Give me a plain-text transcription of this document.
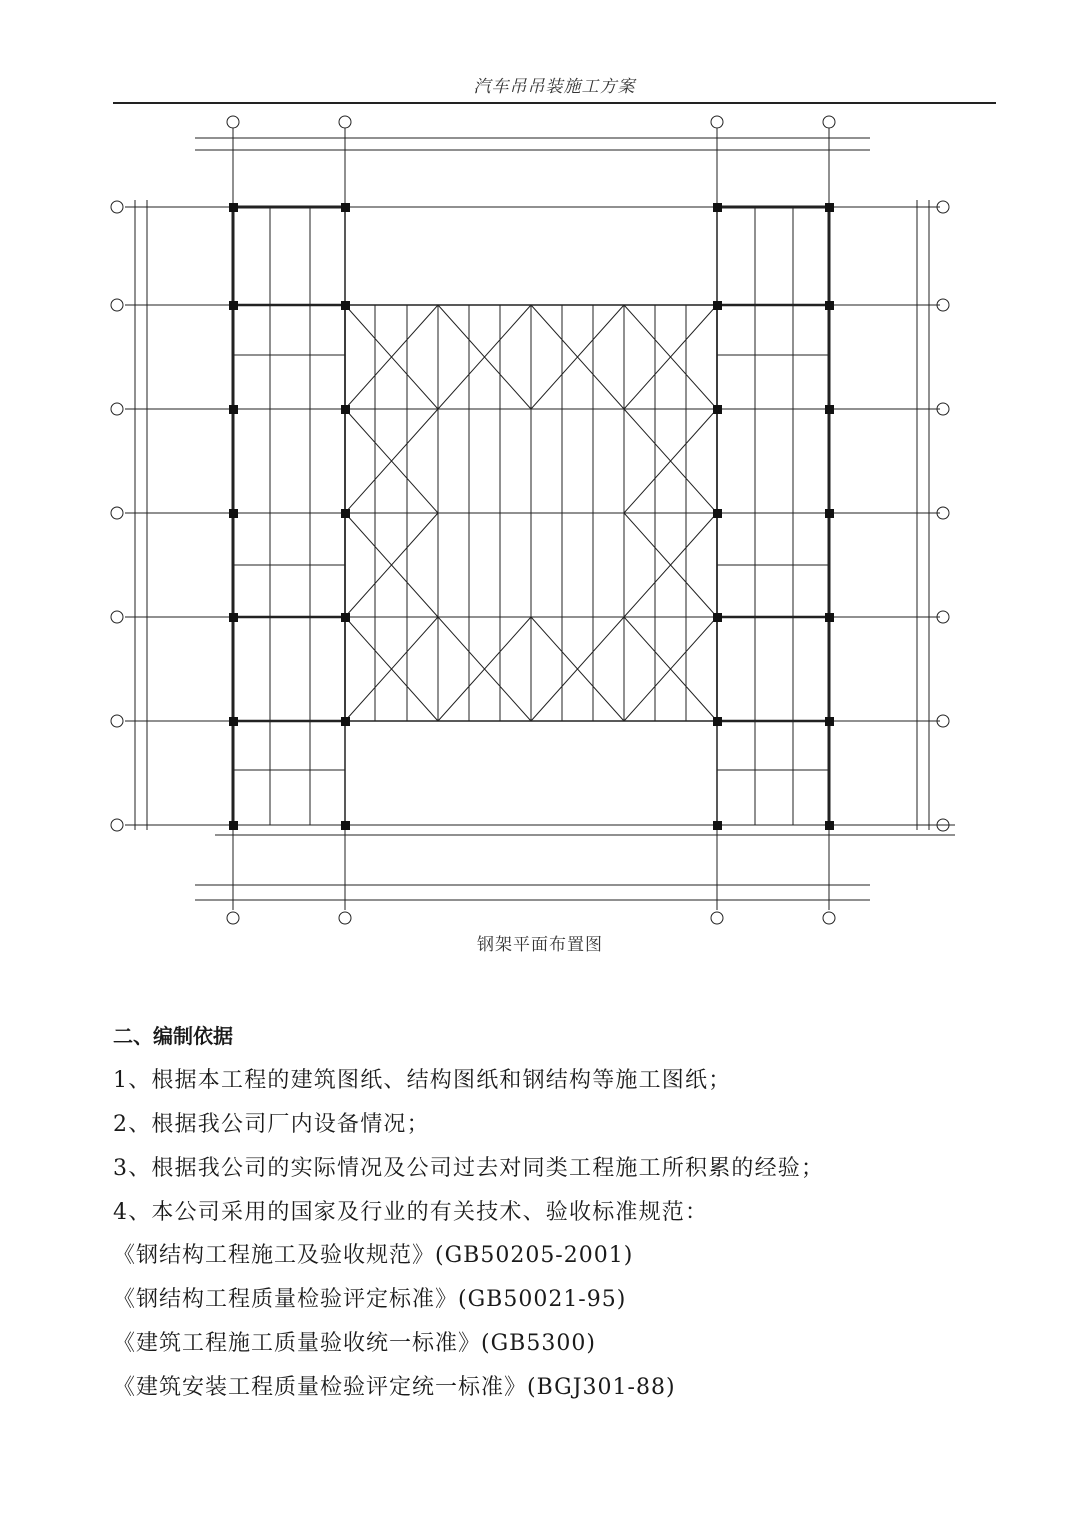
汽车吊吊装施工方案
钢架平面布置图
二、编制依据
1、根据本工程的建筑图纸、结构图纸和钢结构等施工图纸；
2、根据我公司厂内设备情况；
3、根据我公司的实际情况及公司过去对同类工程施工所积累的经验；
4、本公司采用的国家及行业的有关技术、验收标准规范：
《钢结构工程施工及验收规范》(GB50205-2001)
《钢结构工程质量检验评定标准》(GB50021-95)
《建筑工程施工质量验收统一标准》(GB5300)
《建筑安装工程质量检验评定统一标准》(BGJ301-88)
